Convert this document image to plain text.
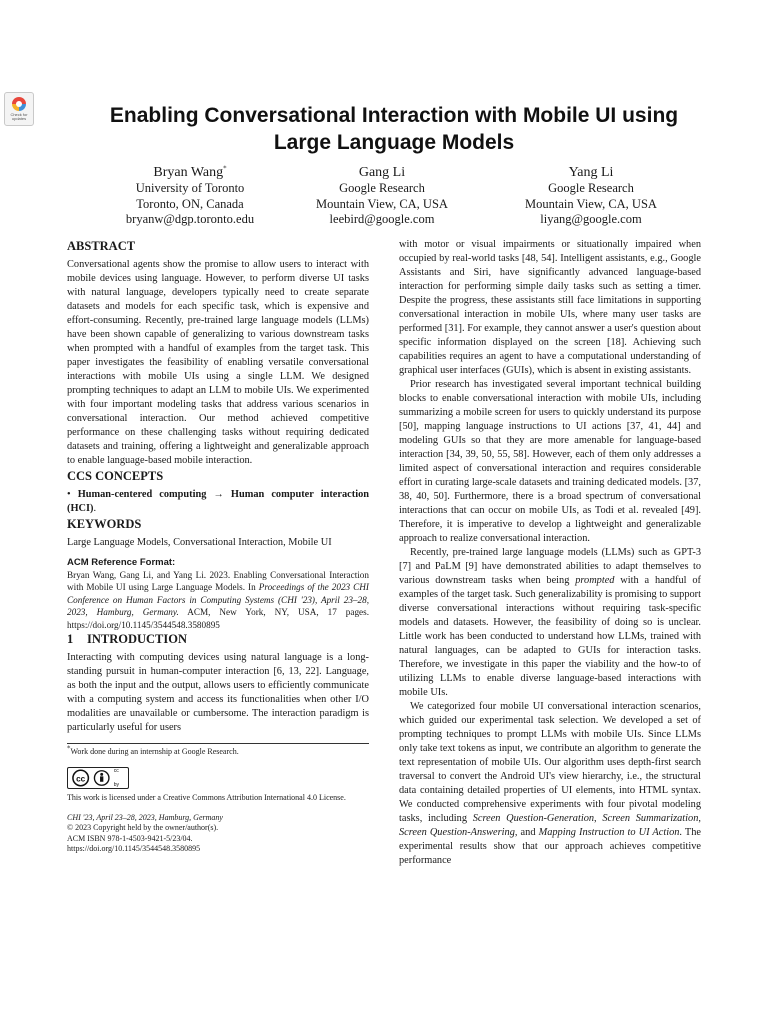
Check for
updates	Enabling Conversational Interaction with Mobile UI using
Large Language Models
Bryan Wang*
University of Toronto
Toronto, ON, Canada
bryanw@dgp.toronto.edu
Gang Li
Google Research
Mountain View, CA, USA
leebird@google.com
Yang Li
Google Research
Mountain View, CA, USA
liyang@google.com
ABSTRACT

Conversational agents show the promise to allow users to interact with mobile devices using language. However, to perform diverse UI tasks with natural language, developers typically need to create separate datasets and models for each specific task, which is expensive and effort-consuming. Recently, pre-trained large language models (LLMs) have been shown capable of generalizing to various downstream tasks when prompted with a handful of examples from the target task. This paper investigates the feasibility of enabling versatile conversational interactions with mobile UIs using a single LLM. We designed prompting techniques to adapt an LLM to mobile UIs. We experimented with four important modeling tasks that address various scenarios in conversational interaction. Our method achieved competitive performance on these challenging tasks without requiring dedicated datasets and training, offering a lightweight and generalizable approach to enable language-based mobile interaction.

CCS CONCEPTS

• Human-centered computing → Human computer interaction (HCI).

KEYWORDS

Large Language Models, Conversational Interaction, Mobile UI

ACM Reference Format:

Bryan Wang, Gang Li, and Yang Li. 2023. Enabling Conversational Interaction with Mobile UI using Large Language Models. In Proceedings of the 2023 CHI Conference on Human Factors in Computing Systems (CHI '23), April 23–28, 2023, Hamburg, Germany. ACM, New York, NY, USA, 17 pages. https://doi.org/10.1145/3544548.3580895

1 INTRODUCTION

Interacting with computing devices using natural language is a long-standing pursuit in human-computer interaction [6, 13, 22]. Language, as both the input and the output, allows users to efficiently communicate with a computing system and access its functionalities when other I/O modalities are unavailable or cumbersome. The interaction paradigm is particularly useful for users

*Work done during an internship at Google Research.
cc
cc by
This work is licensed under a Creative Commons Attribution International 4.0 License.
CHI '23, April 23–28, 2023, Hamburg, Germany
© 2023 Copyright held by the owner/author(s).
ACM ISBN 978-1-4503-9421-5/23/04.
https://doi.org/10.1145/3544548.3580895

with motor or visual impairments or situationally impaired when occupied by real-world tasks [48, 54]. Intelligent assistants, e.g., Google Assistants and Siri, have significantly advanced language-based interaction for performing simple daily tasks such as setting a timer. Despite the progress, these assistants still face limitations in supporting conversational interaction in mobile UIs, where many user tasks are performed [31]. For example, they cannot answer a user's question about specific information displayed on the screen [18]. Achieving such capabilities requires an agent to have a computational understanding of graphical user interfaces (GUIs), which is absent in existing assistants.

Prior research has investigated several important technical building blocks to enable conversational interaction with mobile UIs, including summarizing a mobile screen for users to quickly understand its purpose [50], mapping language instructions to UI actions [37, 41, 44] and modeling GUIs so that they are more amenable for language-based interaction [34, 39, 50, 55, 58]. However, each of them only addresses a limited aspect of conversational interaction and requires considerable effort in curating large-scale datasets and training dedicated models. [37, 38, 40, 50]. Furthermore, there is a broad spectrum of conversational interactions that can occur on mobile UIs, as Todi et al. revealed [49]. Therefore, it is imperative to develop a lightweight and generalizable approach to realize conversational interaction.

Recently, pre-trained large language models (LLMs) such as GPT-3 [7] and PaLM [9] have demonstrated abilities to adapt themselves to various downstream tasks when being prompted with a handful of examples of the target task. Such generalizability is promising to support diverse conversational interactions without requiring task-specific models and datasets. However, the feasibility of doing so is unclear. Little work has been conducted to understand how LLMs, trained with natural languages, can be adapted to GUIs for interaction tasks. Therefore, we investigate in this paper the viability and the how-to of utilizing LLMs to enable diverse language-based interactions with mobile UIs.

We categorized four mobile UI conversational interaction scenarios, which guided our experimental task selection. We developed a set of prompting techniques to prompt LLMs with mobile UIs. Since LLMs only take text tokens as input, we contribute an algorithm to generate the text representation of mobile UIs. Our algorithm uses depth-first search traversal to convert the Android UI's view hierarchy, i.e., the structural data containing detailed properties of UI elements, into HTML syntax. We conducted comprehensive experiments with four pivotal modeling tasks, including Screen Question-Generation, Screen Summarization, Screen Question-Answering, and Mapping Instruction to UI Action. The experimental results show that our approach achieves competitive performance
